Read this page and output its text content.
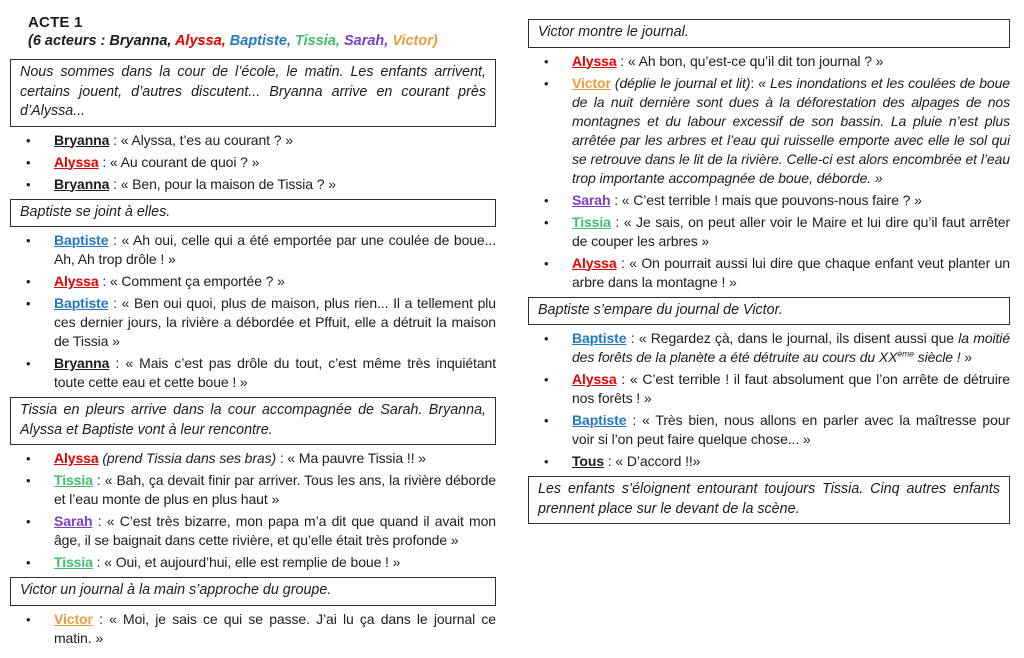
ACTE 1
(6 acteurs : Bryanna, Alyssa, Baptiste, Tissia, Sarah, Victor)
Nous sommes dans la cour de l’école, le matin. Les enfants arrivent, certains jouent, d’autres discutent... Bryanna arrive en courant près d’Alyssa...
•	Bryanna : « Alyssa, t’es au courant ? »
•	Alyssa : « Au courant de quoi ? »
•	Bryanna : « Ben, pour la maison de Tissia ? »
Baptiste se joint à elles.
•	Baptiste : « Ah oui, celle qui a été emportée par une coulée de boue... Ah, Ah trop drôle ! »
•	Alyssa : « Comment ça emportée ? »
•	Baptiste : « Ben oui quoi, plus de maison, plus rien... Il a tellement plu ces dernier jours, la rivière a débordée et Pffuit, elle a détruit la maison de Tissia »
•	Bryanna : « Mais c’est pas drôle du tout, c’est même très inquiétant toute cette eau et cette boue ! »
Tissia en pleurs arrive dans la cour accompagnée de Sarah. Bryanna, Alyssa et Baptiste vont à leur rencontre.
•	Alyssa (prend Tissia dans ses bras) : « Ma pauvre Tissia !! »
•	Tissia : « Bah, ça devait finir par arriver. Tous les ans, la rivière déborde et l’eau monte de plus en plus haut »
•	Sarah : « C’est très bizarre, mon papa m’a dit que quand il avait mon âge, il se baignait dans cette rivière, et qu’elle était très profonde »
•	Tissia : « Oui, et aujourd’hui, elle est remplie de boue ! »
Victor un journal à la main s’approche du groupe.
•	Victor : « Moi, je sais ce qui se passe. J’ai lu ça dans le journal ce matin. »
Victor montre le journal.
•	Alyssa : « Ah bon, qu’est-ce qu’il dit ton journal ? »
•	Victor (déplie le journal et lit): « Les inondations et les coulées de boue de la nuit dernière sont dues à la déforestation des alpages de nos montagnes et du labour excessif de son bassin. La pluie n’est plus arrêtée par les arbres et l’eau qui ruisselle emporte avec elle le sol qui se retrouve dans le lit de la rivière. Celle-ci est alors encombrée et l’eau trop importante accompagnée de boue, déborde. »
•	Sarah : « C’est terrible ! mais que pouvons-nous faire ? »
•	Tissia : « Je sais, on peut aller voir le Maire et lui dire qu’il faut arrêter de couper les arbres »
•	Alyssa : « On pourrait aussi lui dire que chaque enfant veut planter un arbre dans la montagne ! »
Baptiste s’empare du journal de Victor.
•	Baptiste : « Regardez çà, dans le journal, ils disent aussi que la moitié des forêts de la planète a été détruite au cours du XXème siècle ! »
•	Alyssa : « C’est terrible ! il faut absolument que l’on arrête de détruire nos forêts ! »
•	Baptiste : « Très bien, nous allons en parler avec la maîtresse pour voir si l’on peut faire quelque chose... »
•	Tous : « D’accord !!»
Les enfants s’éloignent entourant toujours Tissia. Cinq autres enfants prennent place sur le devant de la scène.
